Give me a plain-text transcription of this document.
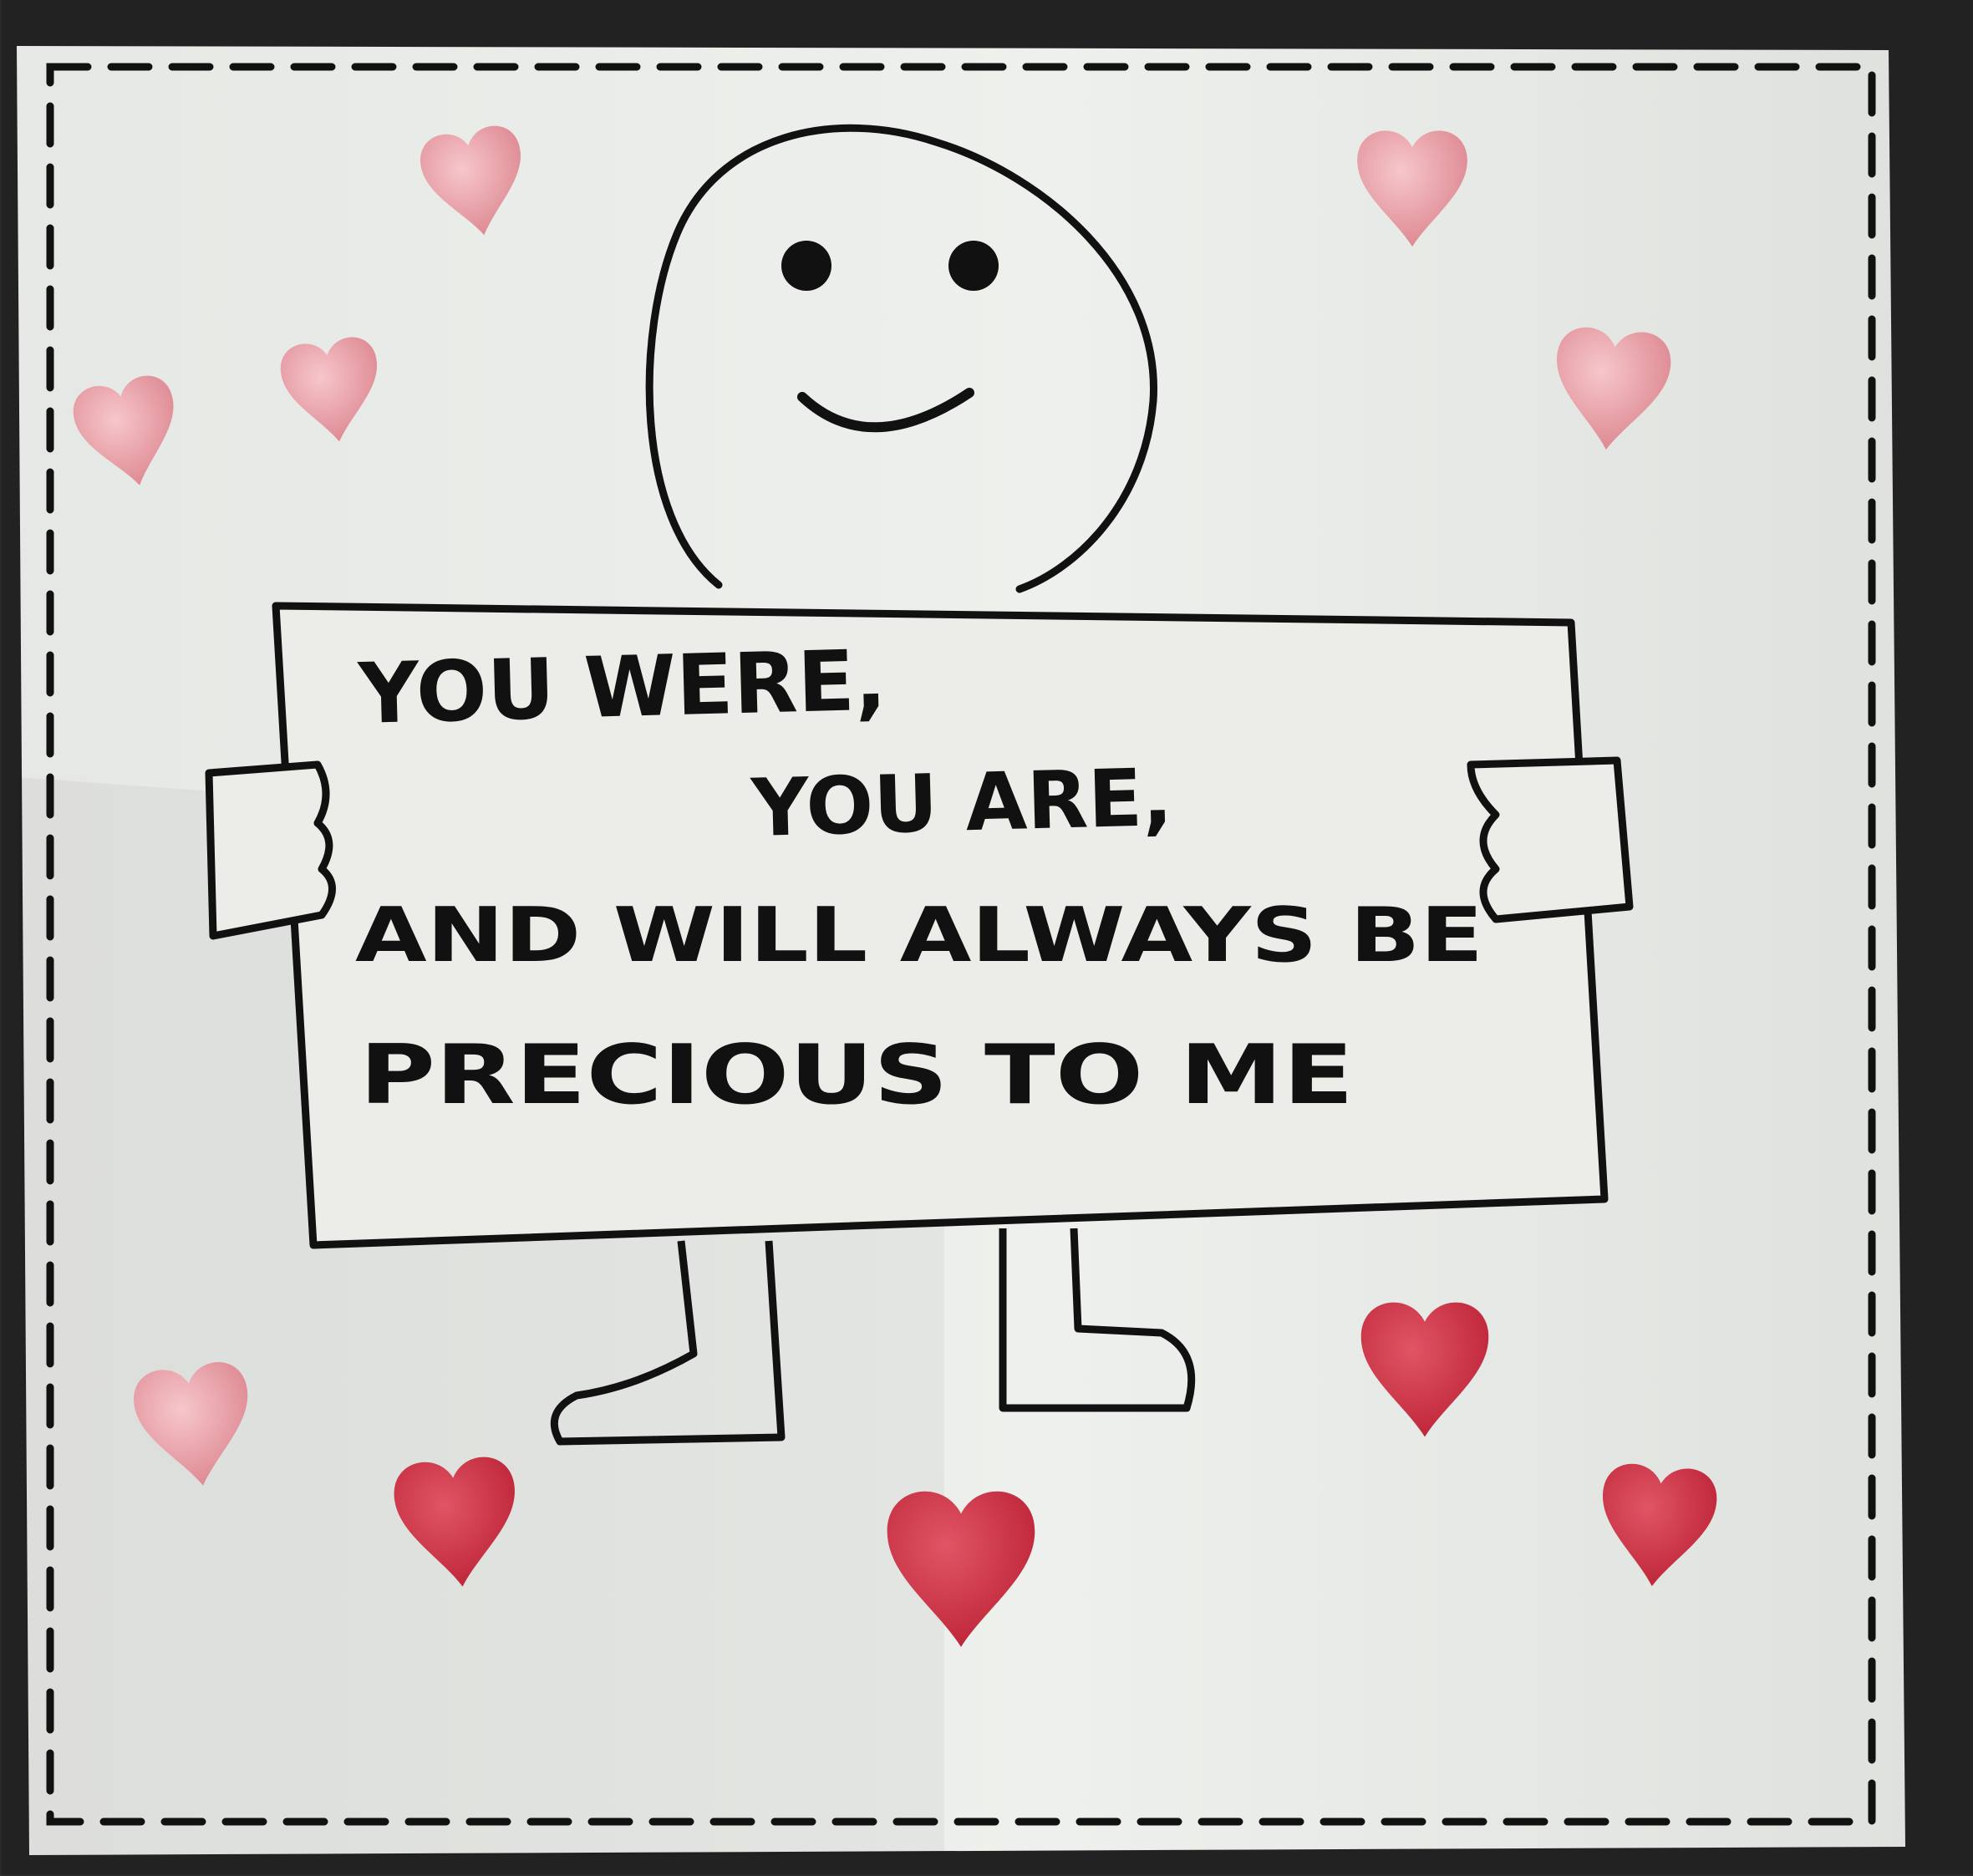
YOU WERE,
YOU ARE,
AND WILL ALWAYS BE
PRECIOUS TO ME
